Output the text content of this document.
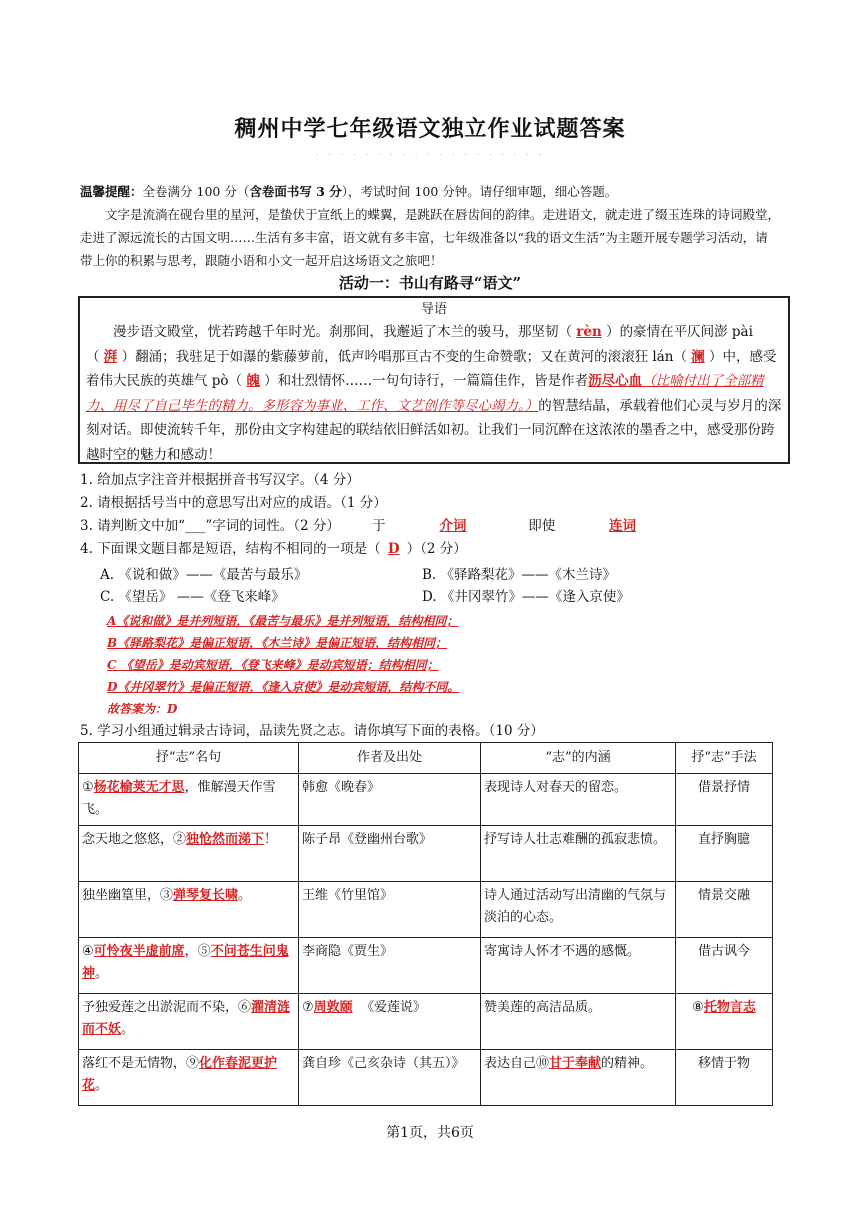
稠州中学七年级语文独立作业试题答案
· · · · · · · · · · · · · · · · · · ·
温馨提醒：全卷满分 100 分（含卷面书写 3 分），考试时间 100 分钟。请仔细审题，细心答题。
文字是流淌在砚台里的星河，是蛰伏于宣纸上的蝶翼，是跳跃在唇齿间的韵律。走进语文，就走进了缀玉连珠的诗词殿堂，走进了源远流长的古国文明……生活有多丰富，语文就有多丰富，七年级准备以“我的语文生活”为主题开展专题学习活动，请带上你的积累与思考，跟随小语和小文一起开启这场语文之旅吧！
活动一：书山有路寻“语文”
导语

漫步语文殿堂，恍若跨越千年时光。刹那间，我邂逅了木兰的骏马，那坚韧（ rèn ）的豪情在平仄间澎 pài（ 湃 ）翻涌；我驻足于如瀑的紫藤萝前，低声吟唱那亘古不变的生命赞歌；又在黄河的滚滚狂 lán（ 澜 ）中，感受着伟大民族的英雄气 pò（ 魄 ）和壮烈情怀……一句句诗行，一篇篇佳作，皆是作者沥尽心血（比喻付出了全部精力、用尽了自己毕生的精力。多形容为事业、工作、文艺创作等尽心竭力。）的智慧结晶，承载着他们心灵与岁月的深刻对话。即使流转千年，那份由文字构建起的联结依旧鲜活如初。让我们一同沉醉在这浓浓的墨香之中，感受那份跨越时空的魅力和感动！

1. 给加点字注音并根据拼音书写汉字。（4 分）
2. 请根据括号当中的意思写出对应的成语。（1 分）
3. 请判断文中加“___”字词的词性。（2 分） 于	介词	即使	连词
4. 下面课文题目都是短语，结构不相同的一项是（ D ）（2 分）
A. 《说和做》——《最苦与最乐》	B. 《驿路梨花》——《木兰诗》
C. 《望岳》 ——《登飞来峰》	D. 《井冈翠竹》——《逢入京使》
A《说和做》是并列短语，《最苦与最乐》是并列短语，结构相同；
B《驿路梨花》是偏正短语，《木兰诗》是偏正短语，结构相同；
C 《望岳》是动宾短语，《登飞来峰》是动宾短语；结构相同；
D《井冈翠竹》是偏正短语，《逢入京使》是动宾短语，结构不同。
故答案为：D
5. 学习小组通过辑录古诗词，品读先贤之志。请你填写下面的表格。（10 分）
抒“志”名句	作者及出处	“志”的内涵	抒“志”手法
①杨花榆荚无才思，惟解漫天作雪飞。	韩愈《晚春》	表现诗人对春天的留恋。	借景抒情
念天地之悠悠，②独怆然而涕下！	陈子昂《登幽州台歌》	抒写诗人壮志难酬的孤寂悲愤。	直抒胸臆
独坐幽篁里，③弹琴复长啸。	王维《竹里馆》	诗人通过活动写出清幽的气氛与淡泊的心态。	情景交融
④可怜夜半虚前席，⑤不问苍生问鬼神。	李商隐《贾生》	寄寓诗人怀才不遇的感慨。	借古讽今
予独爱莲之出淤泥而不染，⑥濯清涟而不妖。	⑦周敦颐 《爱莲说》	赞美莲的高洁品质。	⑧托物言志
落红不是无情物，⑨化作春泥更护花。	龚自珍《己亥杂诗（其五）》	表达自己⑩甘于奉献的精神。	移情于物
第1页，共6页
